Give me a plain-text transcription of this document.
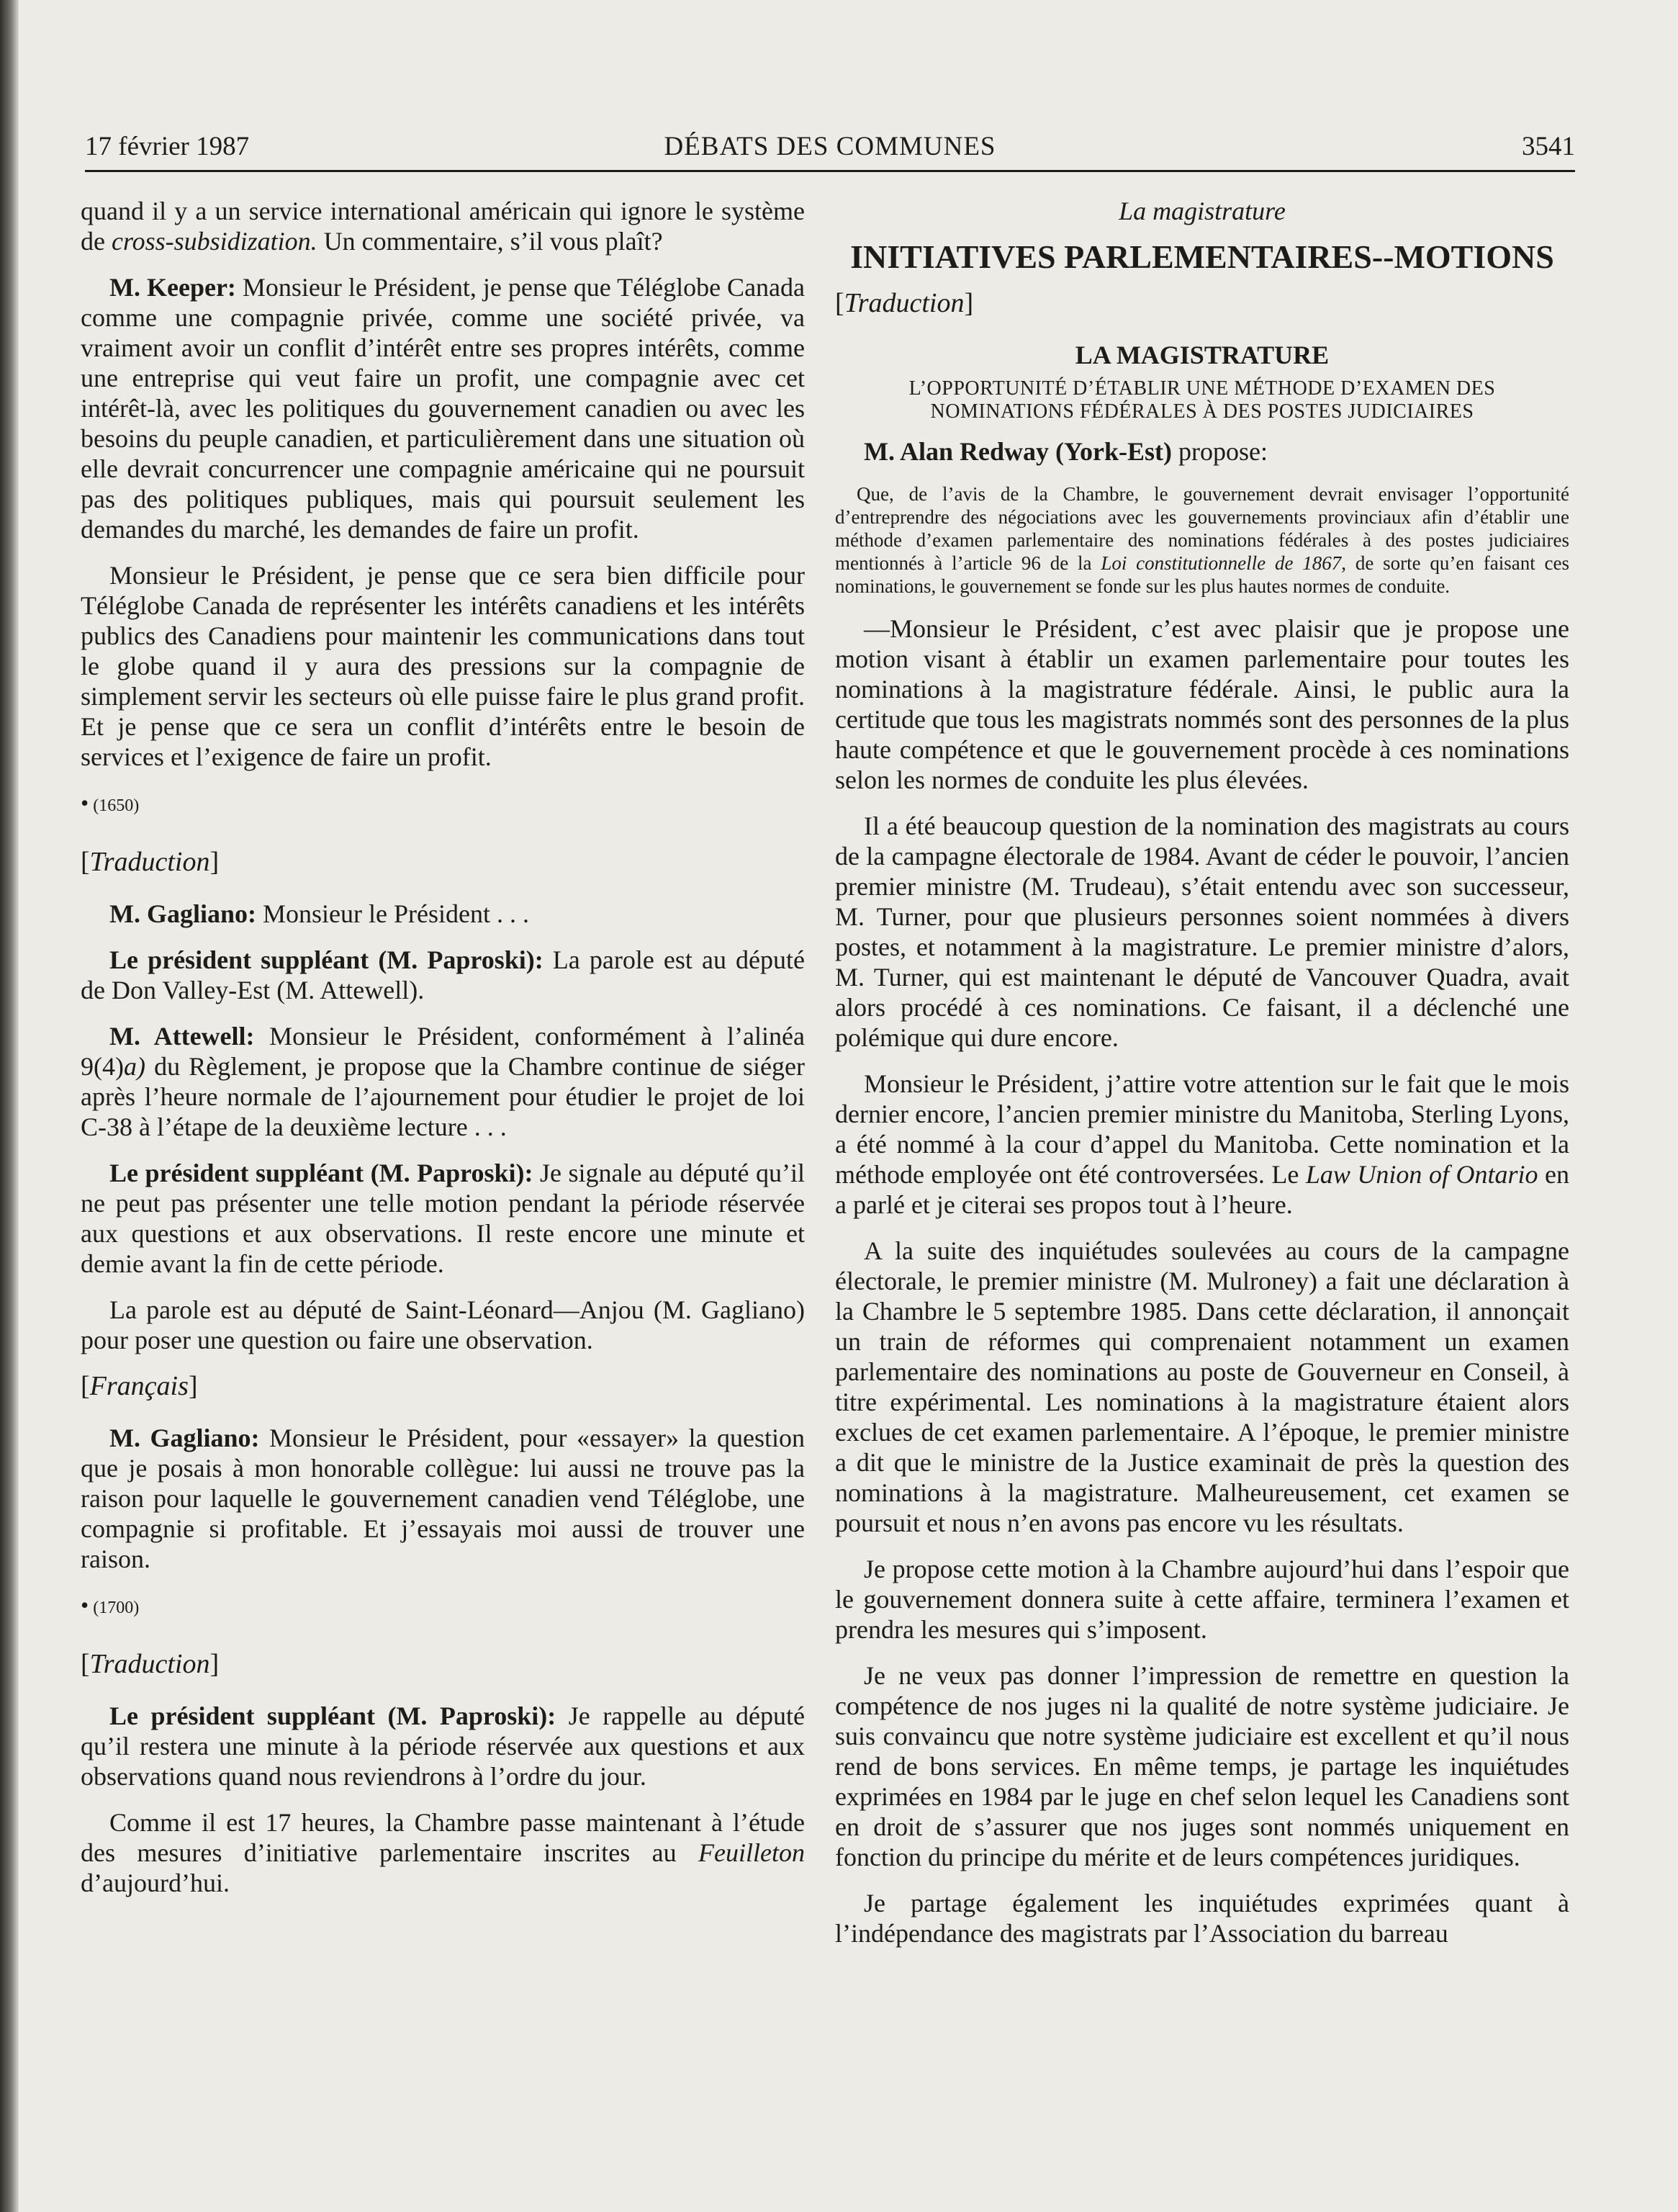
17 février 1987	DÉBATS DES COMMUNES	3541

quand il y a un service international américain qui ignore le système de cross-subsidization. Un commentaire, s’il vous plaît?

M. Keeper: Monsieur le Président, je pense que Téléglobe Canada comme une compagnie privée, comme une société privée, va vraiment avoir un conflit d’intérêt entre ses propres intérêts, comme une entreprise qui veut faire un profit, une compagnie avec cet intérêt-là, avec les politiques du gouvernement canadien ou avec les besoins du peuple canadien, et particulièrement dans une situation où elle devrait concurrencer une compagnie américaine qui ne poursuit pas des politiques publiques, mais qui poursuit seulement les demandes du marché, les demandes de faire un profit.

Monsieur le Président, je pense que ce sera bien difficile pour Téléglobe Canada de représenter les intérêts canadiens et les intérêts publics des Canadiens pour maintenir les communications dans tout le globe quand il y aura des pressions sur la compagnie de simplement servir les secteurs où elle puisse faire le plus grand profit. Et je pense que ce sera un conflit d’intérêts entre le besoin de services et l’exigence de faire un profit.

• (1650)
[Traduction]

M. Gagliano: Monsieur le Président . . .

Le président suppléant (M. Paproski): La parole est au député de Don Valley-Est (M. Attewell).

M. Attewell: Monsieur le Président, conformément à l’alinéa 9(4)a) du Règlement, je propose que la Chambre continue de siéger après l’heure normale de l’ajournement pour étudier le projet de loi C-38 à l’étape de la deuxième lecture . . .

Le président suppléant (M. Paproski): Je signale au député qu’il ne peut pas présenter une telle motion pendant la période réservée aux questions et aux observations. Il reste encore une minute et demie avant la fin de cette période.

La parole est au député de Saint-Léonard—Anjou (M. Gagliano) pour poser une question ou faire une observation.

[Français]

M. Gagliano: Monsieur le Président, pour «essayer» la question que je posais à mon honorable collègue: lui aussi ne trouve pas la raison pour laquelle le gouvernement canadien vend Téléglobe, une compagnie si profitable. Et j’essayais moi aussi de trouver une raison.

• (1700)
[Traduction]

Le président suppléant (M. Paproski): Je rappelle au député qu’il restera une minute à la période réservée aux questions et aux observations quand nous reviendrons à l’ordre du jour.

Comme il est 17 heures, la Chambre passe maintenant à l’étude des mesures d’initiative parlementaire inscrites au Feuilleton d’aujourd’hui.

La magistrature
INITIATIVES PARLEMENTAIRES--MOTIONS
[Traduction]
LA MAGISTRATURE
L’OPPORTUNITÉ D’ÉTABLIR UNE MÉTHODE D’EXAMEN DES NOMINATIONS FÉDÉRALES À DES POSTES JUDICIAIRES

M. Alan Redway (York-Est) propose:

Que, de l’avis de la Chambre, le gouvernement devrait envisager l’opportunité d’entreprendre des négociations avec les gouvernements provinciaux afin d’établir une méthode d’examen parlementaire des nominations fédérales à des postes judiciaires mentionnés à l’article 96 de la Loi constitutionnelle de 1867, de sorte qu’en faisant ces nominations, le gouvernement se fonde sur les plus hautes normes de conduite.

—Monsieur le Président, c’est avec plaisir que je propose une motion visant à établir un examen parlementaire pour toutes les nominations à la magistrature fédérale. Ainsi, le public aura la certitude que tous les magistrats nommés sont des personnes de la plus haute compétence et que le gouvernement procède à ces nominations selon les normes de conduite les plus élevées.

Il a été beaucoup question de la nomination des magistrats au cours de la campagne électorale de 1984. Avant de céder le pouvoir, l’ancien premier ministre (M. Trudeau), s’était entendu avec son successeur, M. Turner, pour que plusieurs personnes soient nommées à divers postes, et notamment à la magistrature. Le premier ministre d’alors, M. Turner, qui est maintenant le député de Vancouver Quadra, avait alors procédé à ces nominations. Ce faisant, il a déclenché une polémique qui dure encore.

Monsieur le Président, j’attire votre attention sur le fait que le mois dernier encore, l’ancien premier ministre du Manitoba, Sterling Lyons, a été nommé à la cour d’appel du Manitoba. Cette nomination et la méthode employée ont été controversées. Le Law Union of Ontario en a parlé et je citerai ses propos tout à l’heure.

A la suite des inquiétudes soulevées au cours de la campagne électorale, le premier ministre (M. Mulroney) a fait une déclaration à la Chambre le 5 septembre 1985. Dans cette déclaration, il annonçait un train de réformes qui comprenaient notamment un examen parlementaire des nominations au poste de Gouverneur en Conseil, à titre expérimental. Les nominations à la magistrature étaient alors exclues de cet examen parlementaire. A l’époque, le premier ministre a dit que le ministre de la Justice examinait de près la question des nominations à la magistrature. Malheureusement, cet examen se poursuit et nous n’en avons pas encore vu les résultats.

Je propose cette motion à la Chambre aujourd’hui dans l’espoir que le gouvernement donnera suite à cette affaire, terminera l’examen et prendra les mesures qui s’imposent.

Je ne veux pas donner l’impression de remettre en question la compétence de nos juges ni la qualité de notre système judiciaire. Je suis convaincu que notre système judiciaire est excellent et qu’il nous rend de bons services. En même temps, je partage les inquiétudes exprimées en 1984 par le juge en chef selon lequel les Canadiens sont en droit de s’assurer que nos juges sont nommés uniquement en fonction du principe du mérite et de leurs compétences juridiques.

Je partage également les inquiétudes exprimées quant à l’indépendance des magistrats par l’Association du barreau
